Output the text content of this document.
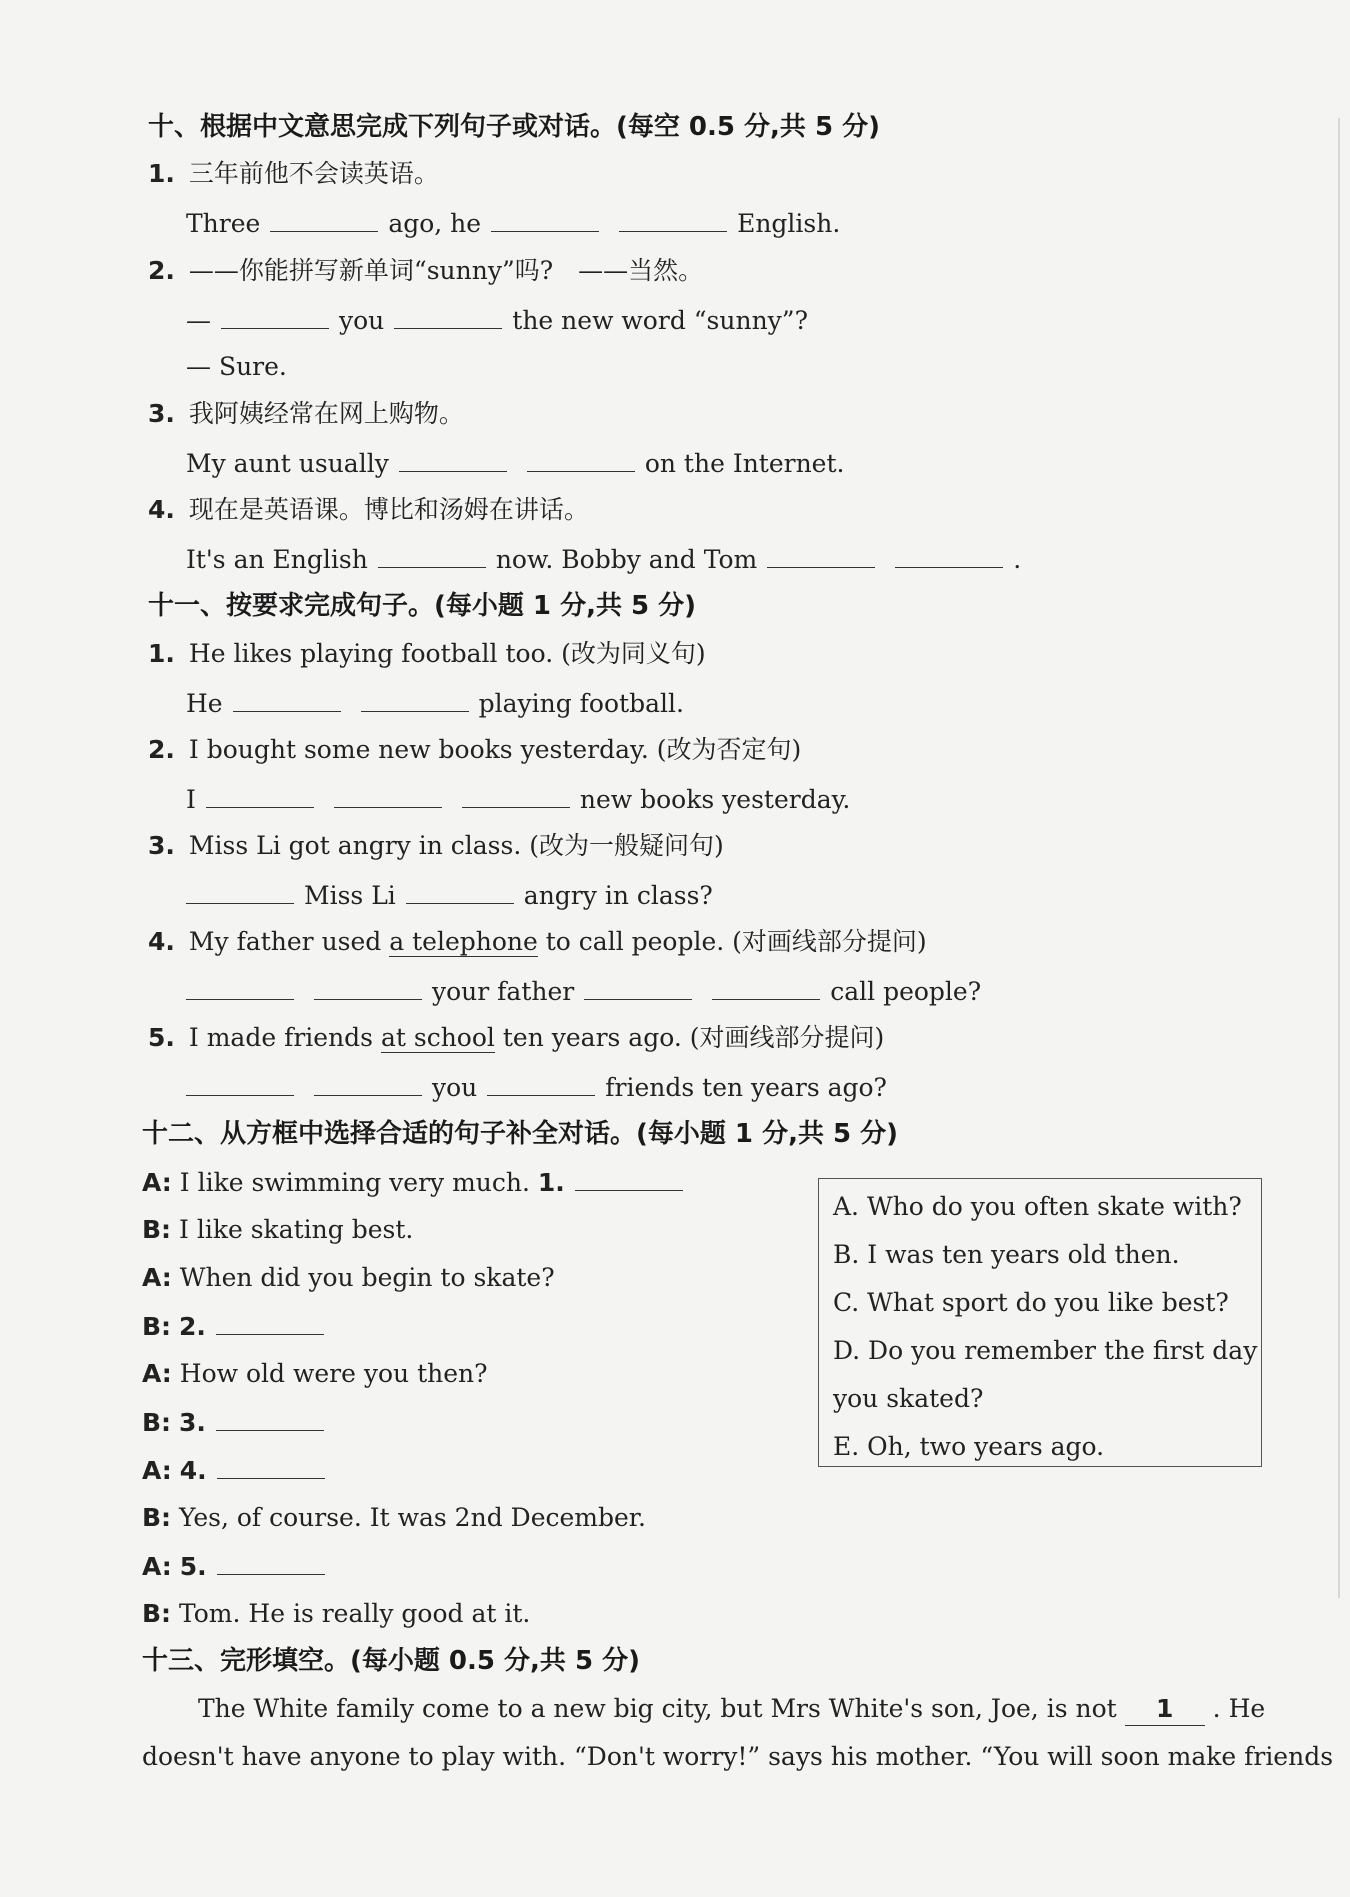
十、根据中文意思完成下列句子或对话。(每空 0.5 分,共 5 分)
1. 三年前他不会读英语。
Three	ago, he	English.
2. ——你能拼写新单词“sunny”吗?　——当然。
—	you	the new word “sunny”?
— Sure.
3. 我阿姨经常在网上购物。
My aunt usually	on the Internet.
4. 现在是英语课。博比和汤姆在讲话。
It's an English	now. Bobby and Tom	.
十一、按要求完成句子。(每小题 1 分,共 5 分)
1. He likes playing football too. (改为同义句)
He	playing football.
2. I bought some new books yesterday. (改为否定句)
I	new books yesterday.
3. Miss Li got angry in class. (改为一般疑问句)
Miss Li	angry in class?
4. My father used a telephone to call people. (对画线部分提问)
your father	call people?
5. I made friends at school ten years ago. (对画线部分提问)
you	friends ten years ago?
十二、从方框中选择合适的句子补全对话。(每小题 1 分,共 5 分)
A: I like swimming very much. 1.
B: I like skating best.
A: When did you begin to skate?
B: 2.
A: How old were you then?
B: 3.
A: 4.
B: Yes, of course. It was 2nd December.
A: 5.
B: Tom. He is really good at it.
A. Who do you often skate with?
B. I was ten years old then.
C. What sport do you like best?
D. Do you remember the first day
you skated?
E. Oh, two years ago.
十三、完形填空。(每小题 0.5 分,共 5 分)
The White family come to a new big city, but Mrs White's son, Joe, is not 1 . He
doesn't have anyone to play with. “Don't worry!” says his mother. “You will soon make friends
